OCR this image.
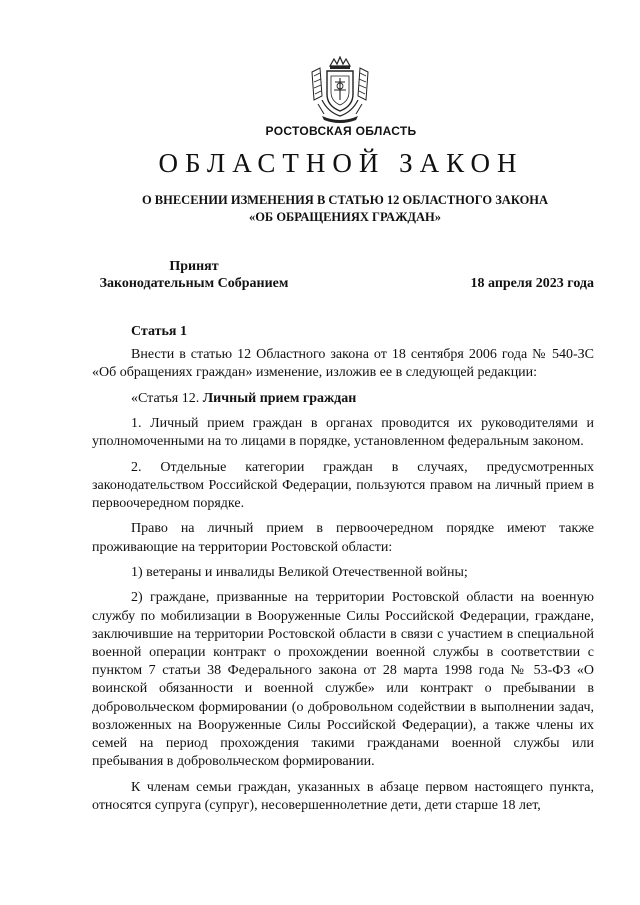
РОСТОВСКАЯ ОБЛАСТЬ
ОБЛАСТНОЙ ЗАКОН
О ВНЕСЕНИИ ИЗМЕНЕНИЯ В СТАТЬЮ 12 ОБЛАСТНОГО ЗАКОНА
«ОБ ОБРАЩЕНИЯХ ГРАЖДАН»
Принят
Законодательным Собранием	18 апреля 2023 года
Статья 1

Внести в статью 12 Областного закона от 18 сентября 2006 года № 540-ЗС «Об обращениях граждан» изменение, изложив ее в следующей редакции:

«Статья 12. Личный прием граждан

1. Личный прием граждан в органах проводится их руководителями и уполномоченными на то лицами в порядке, установленном федеральным законом.

2. Отдельные категории граждан в случаях, предусмотренных законодательством Российской Федерации, пользуются правом на личный прием в первоочередном порядке.

Право на личный прием в первоочередном порядке имеют также проживающие на территории Ростовской области:

1) ветераны и инвалиды Великой Отечественной войны;

2) граждане, призванные на территории Ростовской области на военную службу по мобилизации в Вооруженные Силы Российской Федерации, граждане, заключившие на территории Ростовской области в связи с участием в специальной военной операции контракт о прохождении военной службы в соответствии с пунктом 7 статьи 38 Федерального закона от 28 марта 1998 года № 53-ФЗ «О воинской обязанности и военной службе» или контракт о пребывании в добровольческом формировании (о добровольном содействии в выполнении задач, возложенных на Вооруженные Силы Российской Федерации), а также члены их семей на период прохождения такими гражданами военной службы или пребывания в добровольческом формировании.

К членам семьи граждан, указанных в абзаце первом настоящего пункта, относятся супруга (супруг), несовершеннолетние дети, дети старше 18 лет,
